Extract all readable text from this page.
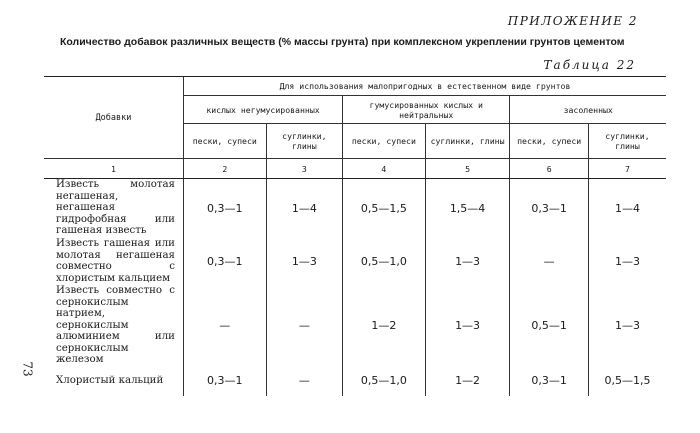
ПРИЛОЖЕНИЕ 2
Количество добавок различных веществ (% массы грунта) при комплексном укреплении грунтов цементом
Таблица 22
73
Добавки	Для использования малопригодных в естественном виде грунтов					
	кислых негумусированных		гумусированных кислых и нейтральных		засоленных	
	пески, супеси	суглинки, глины	пески, супеси	суглинки, глины	пески, супеси	суглинки, глины
1	2	3	4	5	6	7
Известь молотая негашеная, негашеная гидрофобная или гашеная известь	0,3—1	1—4	0,5—1,5	1,5—4	0,3—1	1—4
Известь гашеная или молотая негашеная совместно с хлористым кальцием	0,3—1	1—3	0,5—1,0	1—3	—	1—3
Известь совместно с сернокислым натрием, сернокислым алюминием или сернокислым железом	—	—	1—2	1—3	0,5—1	1—3
Хлористый кальций	0,3—1	—	0,5—1,0	1—2	0,3—1	0,5—1,5
